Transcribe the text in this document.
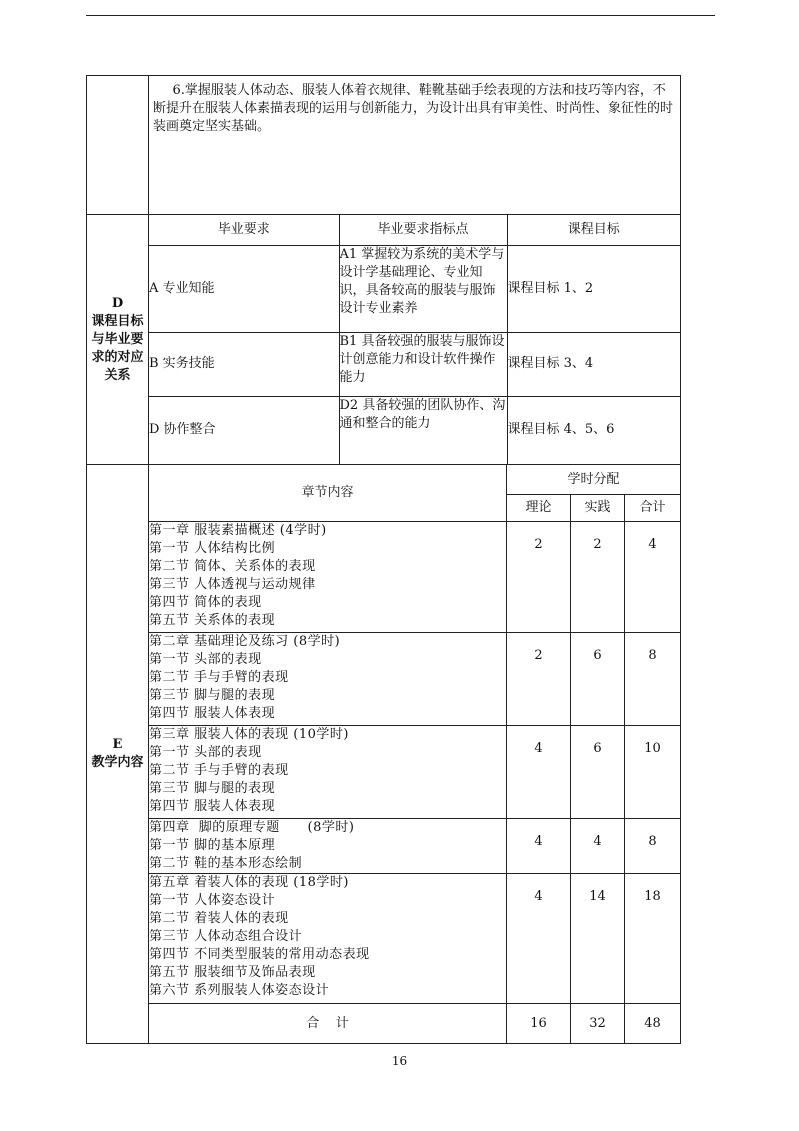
	6.掌握服装人体动态、服装人体着衣规律、鞋靴基础手绘表现的方法和技巧等内容，不断提升在服装人体素描表现的运用与创新能力，为设计出具有审美性、时尚性、象征性的时装画奠定坚实基础。

D
课程目标与毕业要求的对应关系

毕业要求	毕业要求指标点	课程目标
A 专业知能	A1 掌握较为系统的美术学与设计学基础理论、专业知识，具备较高的服装与服饰设计专业素养	课程目标 1、2
B 实务技能	B1 具备较强的服装与服饰设计创意能力和设计软件操作能力	课程目标 3、4
D 协作整合	D2 具备较强的团队协作、沟通和整合的能力	课程目标 4、5、6

E
教学内容
	章节内容	学时分配
理论	实践	合计

第一章 服装素描概述 (4学时)
第一节 人体结构比例
第二节 简体、关系体的表现
第三节 人体透视与运动规律
第四节 简体的表现
第五节 关系体的表现
	2	2	4

第二章 基础理论及练习 (8学时)
第一节 头部的表现
第二节 手与手臂的表现
第三节 脚与腿的表现
第四节 服装人体表现
	2	6	8

第三章 服装人体的表现 (10学时)
第一节 头部的表现
第二节 手与手臂的表现
第三节 脚与腿的表现
第四节 服装人体表现
	4	6	10

第四章  脚的原理专题      (8学时)
第一节 脚的基本原理
第二节 鞋的基本形态绘制
	4	4	8

第五章 着装人体的表现 (18学时)
第一节 人体姿态设计
第二节 着装人体的表现
第三节 人体动态组合设计
第四节 不同类型服装的常用动态表现
第五节 服装细节及饰品表现
第六节 系列服装人体姿态设计
	4	14	18
合    计	16	32	48
16
